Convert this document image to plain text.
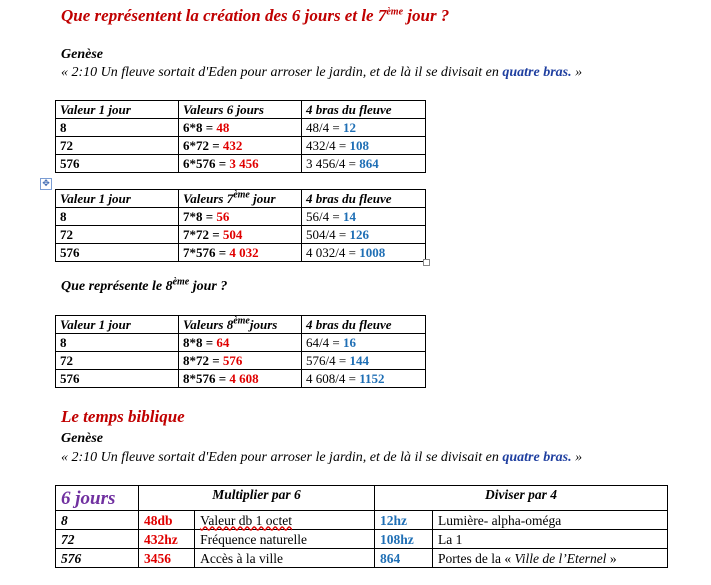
Que représentent la création des 6 jours et le 7ème jour ?
Genèse
« 2:10 Un fleuve sortait d'Eden pour arroser le jardin, et de là il se divisait en quatre bras. »
Valeur 1 jour	Valeurs 6 jours	4 bras du fleuve
8	6*8 = 48	48/4 = 12
72	6*72 = 432	432/4 = 108
576	6*576 = 3 456	3 456/4 = 864
✥
Valeur 1 jour	Valeurs 7ème jour	4 bras du fleuve
8	7*8 = 56	56/4 = 14
72	7*72 = 504	504/4 = 126
576	7*576 = 4 032	4 032/4 = 1008
Que représente le 8ème jour ?
Valeur 1 jour	Valeurs 8èmejours	4 bras du fleuve
8	8*8 = 64	64/4 = 16
72	8*72 = 576	576/4 = 144
576	8*576 = 4 608	4 608/4 = 1152
Le temps biblique
Genèse
« 2:10 Un fleuve sortait d'Eden pour arroser le jardin, et de là il se divisait en quatre bras. »
6 jours	Multiplier par 6		Diviser par 4	
8	48db	Valeur db 1 octet	12hz	Lumière- alpha-oméga
72	432hz	Fréquence naturelle	108hz	La 1
576	3456	Accès à la ville	864	Portes de la « Ville de l’Eternel »
